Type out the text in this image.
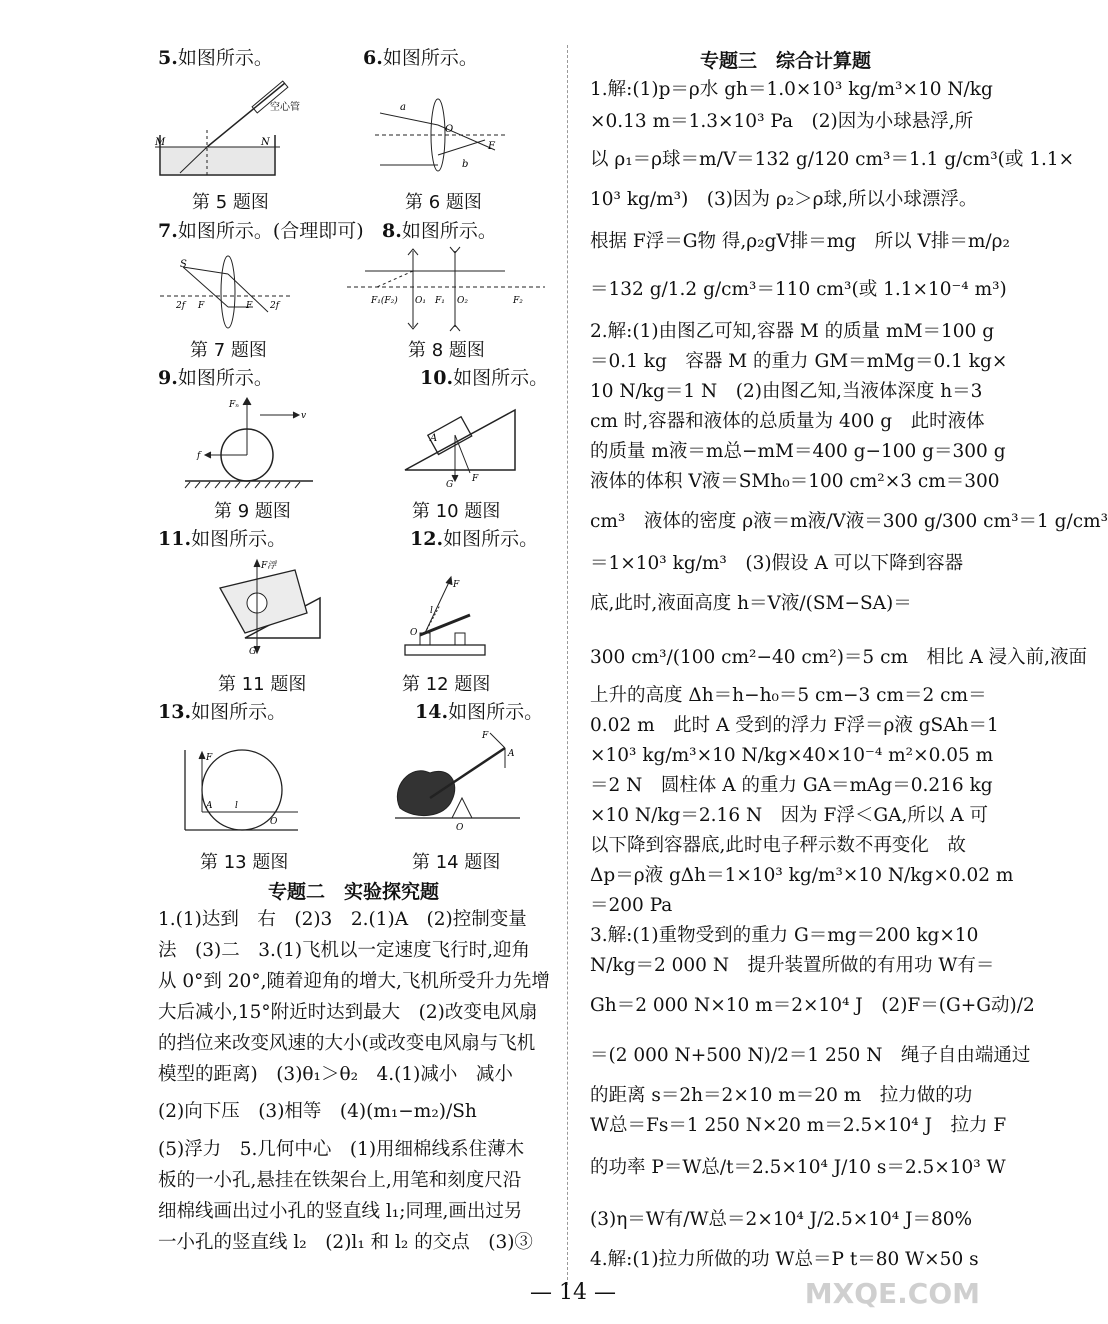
5.如图所示。	6.如图所示。
空心管
M	N
a
O
F
b
第 5 题图	第 6 题图
7.如图所示。(合理即可) 8.如图所示。
S
2f F	F 2f	F₁(F₂) O₁ F₁ O₂	F₂
第 7 题图	第 8 题图
9.如图所示。	10.如图所示。
Fₙ
v
f
A
G
F
第 9 题图	第 10 题图
11.如图所示。	12.如图所示。
F浮
G
F
l
O
第 11 题图	第 12 题图
13.如图所示。	14.如图所示。
F
A	l
O
F
A
O
第 13 题图	第 14 题图
专题二　实验探究题
1.(1)达到　右　(2)3　2.(1)A　(2)控制变量
法　(3)二　3.(1)飞机以一定速度飞行时,迎角
从 0°到 20°,随着迎角的增大,飞机所受升力先增
大后减小,15°附近时达到最大　(2)改变电风扇
的挡位来改变风速的大小(或改变电风扇与飞机
模型的距离)　(3)θ₁＞θ₂　4.(1)减小　减小
(2)向下压　(3)相等　(4)(m₁−m₂)/Sh
(5)浮力　5.几何中心　(1)用细棉线系住薄木
板的一小孔,悬挂在铁架台上,用笔和刻度尺沿
细棉线画出过小孔的竖直线 l₁;同理,画出过另
一小孔的竖直线 l₂　(2)l₁ 和 l₂ 的交点　(3)③
专题三　综合计算题
1.解:(1)p＝ρ水 gh＝1.0×10³ kg/m³×10 N/kg
×0.13 m＝1.3×10³ Pa　(2)因为小球悬浮,所
以 ρ₁＝ρ球＝m/V＝132 g/120 cm³＝1.1 g/cm³(或 1.1×
10³ kg/m³)　(3)因为 ρ₂＞ρ球,所以小球漂浮。
根据 F浮＝G物 得,ρ₂gV排＝mg　所以 V排＝m/ρ₂
＝132 g/1.2 g/cm³＝110 cm³(或 1.1×10⁻⁴ m³)
2.解:(1)由图乙可知,容器 M 的质量 mM＝100 g
＝0.1 kg　容器 M 的重力 GM＝mMg＝0.1 kg×
10 N/kg＝1 N　(2)由图乙知,当液体深度 h＝3
cm 时,容器和液体的总质量为 400 g　此时液体
的质量 m液＝m总−mM＝400 g−100 g＝300 g
液体的体积 V液＝SMh₀＝100 cm²×3 cm＝300
cm³　液体的密度 ρ液＝m液/V液＝300 g/300 cm³＝1 g/cm³
＝1×10³ kg/m³　(3)假设 A 可以下降到容器
底,此时,液面高度 h＝V液/(SM−SA)＝
300 cm³/(100 cm²−40 cm²)＝5 cm　相比 A 浸入前,液面
上升的高度 Δh＝h−h₀＝5 cm−3 cm＝2 cm＝
0.02 m　此时 A 受到的浮力 F浮＝ρ液 gSAh＝1
×10³ kg/m³×10 N/kg×40×10⁻⁴ m²×0.05 m
＝2 N　圆柱体 A 的重力 GA＝mAg＝0.216 kg
×10 N/kg＝2.16 N　因为 F浮＜GA,所以 A 可
以下降到容器底,此时电子秤示数不再变化　故
Δp＝ρ液 gΔh＝1×10³ kg/m³×10 N/kg×0.02 m
＝200 Pa
3.解:(1)重物受到的重力 G＝mg＝200 kg×10
N/kg＝2 000 N　提升装置所做的有用功 W有＝
Gh＝2 000 N×10 m＝2×10⁴ J　(2)F＝(G+G动)/2
＝(2 000 N+500 N)/2＝1 250 N　绳子自由端通过
的距离 s＝2h＝2×10 m＝20 m　拉力做的功
W总＝Fs＝1 250 N×20 m＝2.5×10⁴ J　拉力 F
的功率 P＝W总/t＝2.5×10⁴ J/10 s＝2.5×10³ W
(3)η＝W有/W总＝2×10⁴ J/2.5×10⁴ J＝80%
4.解:(1)拉力所做的功 W总＝P t＝80 W×50 s
— 14 —	MXQE.COM
